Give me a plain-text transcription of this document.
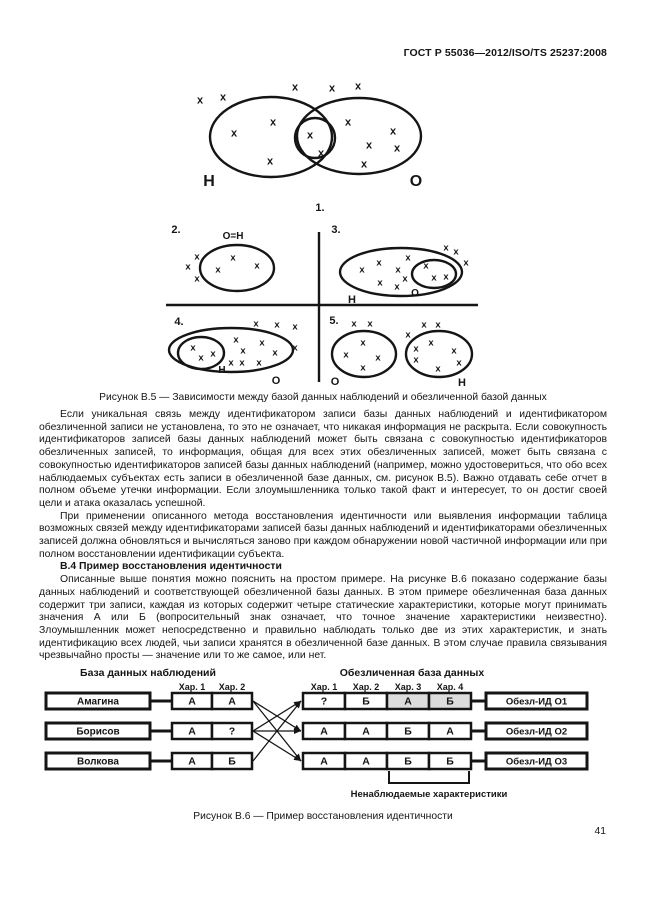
ГОСТ Р 55036—2012/ISO/TS 25237:2008
1.
Н	О
х х
х	х х
х
х
х
х
х
х
х
х х
х
2.
О=Н
х
х
х
х
х
х
3.
Н
О
х
х
х
х
х
х х
х
х х
х х
х
4.
Н
О
х х х
х х
х	х	х х
х х
х х х
5.
О	Н
х х
х
х	х
х
х
х х
х
х
х
х
х
х
База данных наблюдений	Обезличенная база данных
Хар. 1 Хар. 2	Хар. 1 Хар. 2 Хар. 3 Хар. 4
Амагина	А	А
Борисов	А	?
Волкова	А	Б
?	Б	А	Б	Обезл-ИД О1
А	А	Б	А	Обезл-ИД О2
А	А	Б	Б	Обезл-ИД О3
Ненаблюдаемые характеристики
Рисунок В.5 — Зависимости между базой данных наблюдений и обезличенной базой данных

Если уникальная связь между идентификатором записи базы данных наблюдений и идентификатором обезличенной записи не установлена, то это не означает, что никакая информация не раскрыта. Если совокупность идентификаторов записей базы данных наблюдений может быть связана с совокупностью идентификаторов обезличенных записей, то информация, общая для всех этих обезличенных записей, может быть связана с совокупностью идентификаторов записей базы данных наблюдений (например, можно удостовериться, что обо всех наблюдаемых субъектах есть записи в обезличенной базе данных, см. рисунок В.5). Важно отдавать себе отчет в полном объеме утечки информации. Если злоумышленника только такой факт и интересует, то он достиг своей цели и атака оказалась успешной.

При применении описанного метода восстановления идентичности или выявления информации таблица возможных связей между идентификаторами записей базы данных наблюдений и идентификаторами обезличенных записей должна обновляться и вычисляться заново при каждом обнаружении новой частичной информации или при полном восстановлении идентификации субъекта.

В.4 Пример восстановления идентичности

Описанные выше понятия можно пояснить на простом примере. На рисунке В.6 показано содержание базы данных наблюдений и соответствующей обезличенной базы данных. В этом примере обезличенная база данных содержит три записи, каждая из которых содержит четыре статические характеристики, которые могут принимать значения А или Б (вопросительный знак означает, что точное значение характеристики неизвестно). Злоумышленник может непосредственно и правильно наблюдать только две из этих характеристик, и знать идентификацию всех людей, чьи записи хранятся в обезличенной базе данных. В этом случае правила связывания чрезвычайно просты — значение или то же самое, или нет.

Рисунок В.6 — Пример восстановления идентичности
41
